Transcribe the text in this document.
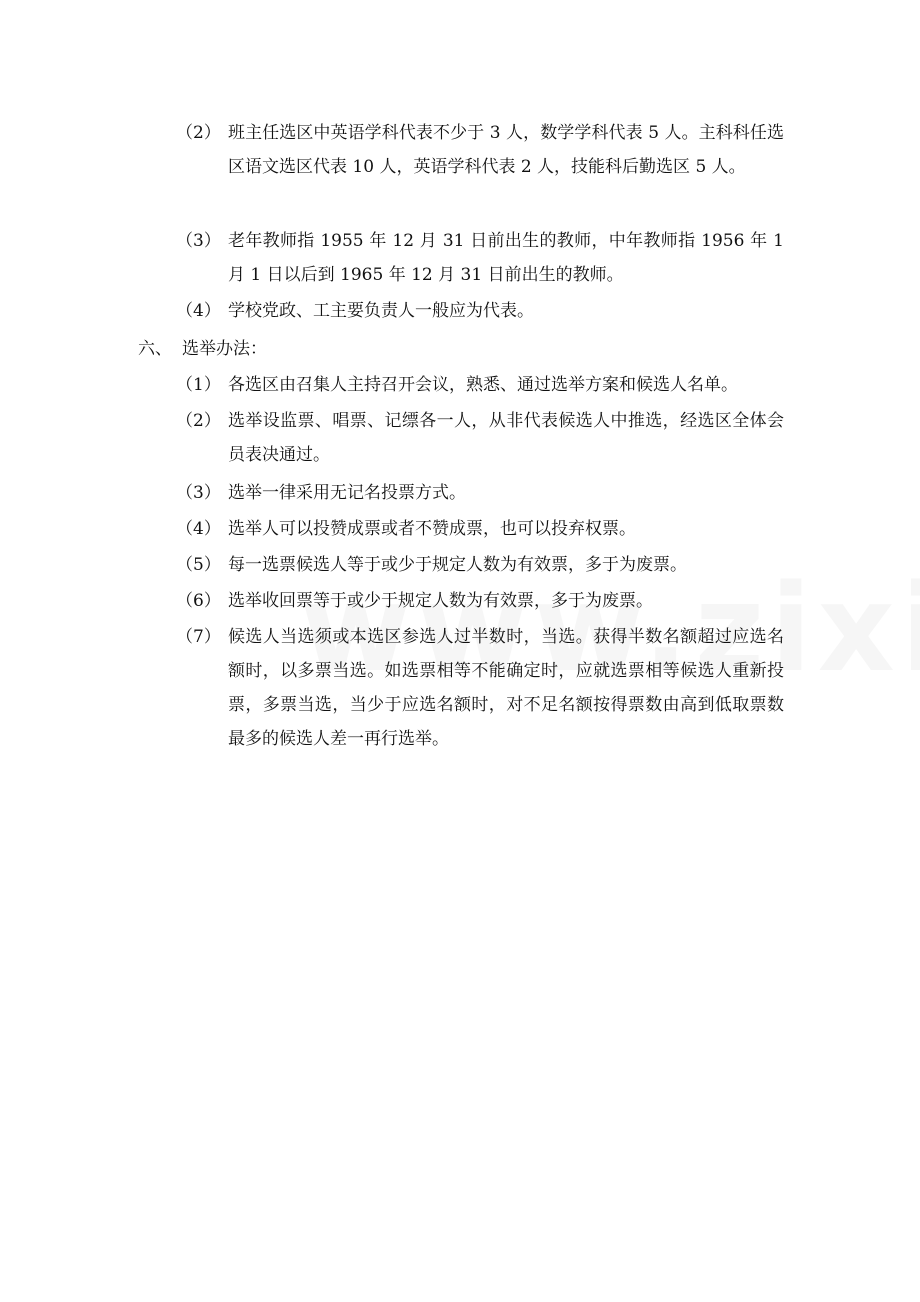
（2） 班主任选区中英语学科代表不少于 3 人，数学学科代表 5 人。主科科任选区语文选区代表 10 人，英语学科代表 2 人，技能科后勤选区 5 人。
（3） 老年教师指 1955 年 12 月 31 日前出生的教师，中年教师指 1956 年 1 月 1 日以后到 1965 年 12 月 31 日前出生的教师。
（4） 学校党政、工主要负责人一般应为代表。
六、 选举办法：
（1） 各选区由召集人主持召开会议，熟悉、通过选举方案和候选人名单。
（2） 选举设监票、唱票、记缥各一人，从非代表候选人中推选，经选区全体会员表决通过。
（3） 选举一律采用无记名投票方式。
（4） 选举人可以投赞成票或者不赞成票，也可以投弃权票。
（5） 每一选票候选人等于或少于规定人数为有效票，多于为废票。
（6） 选举收回票等于或少于规定人数为有效票，多于为废票。
（7） 候选人当选须或本选区参选人过半数时，当选。获得半数名额超过应选名额时，以多票当选。如选票相等不能确定时，应就选票相等候选人重新投票，多票当选，当少于应选名额时，对不足名额按得票数由高到低取票数最多的候选人差一再行选举。
